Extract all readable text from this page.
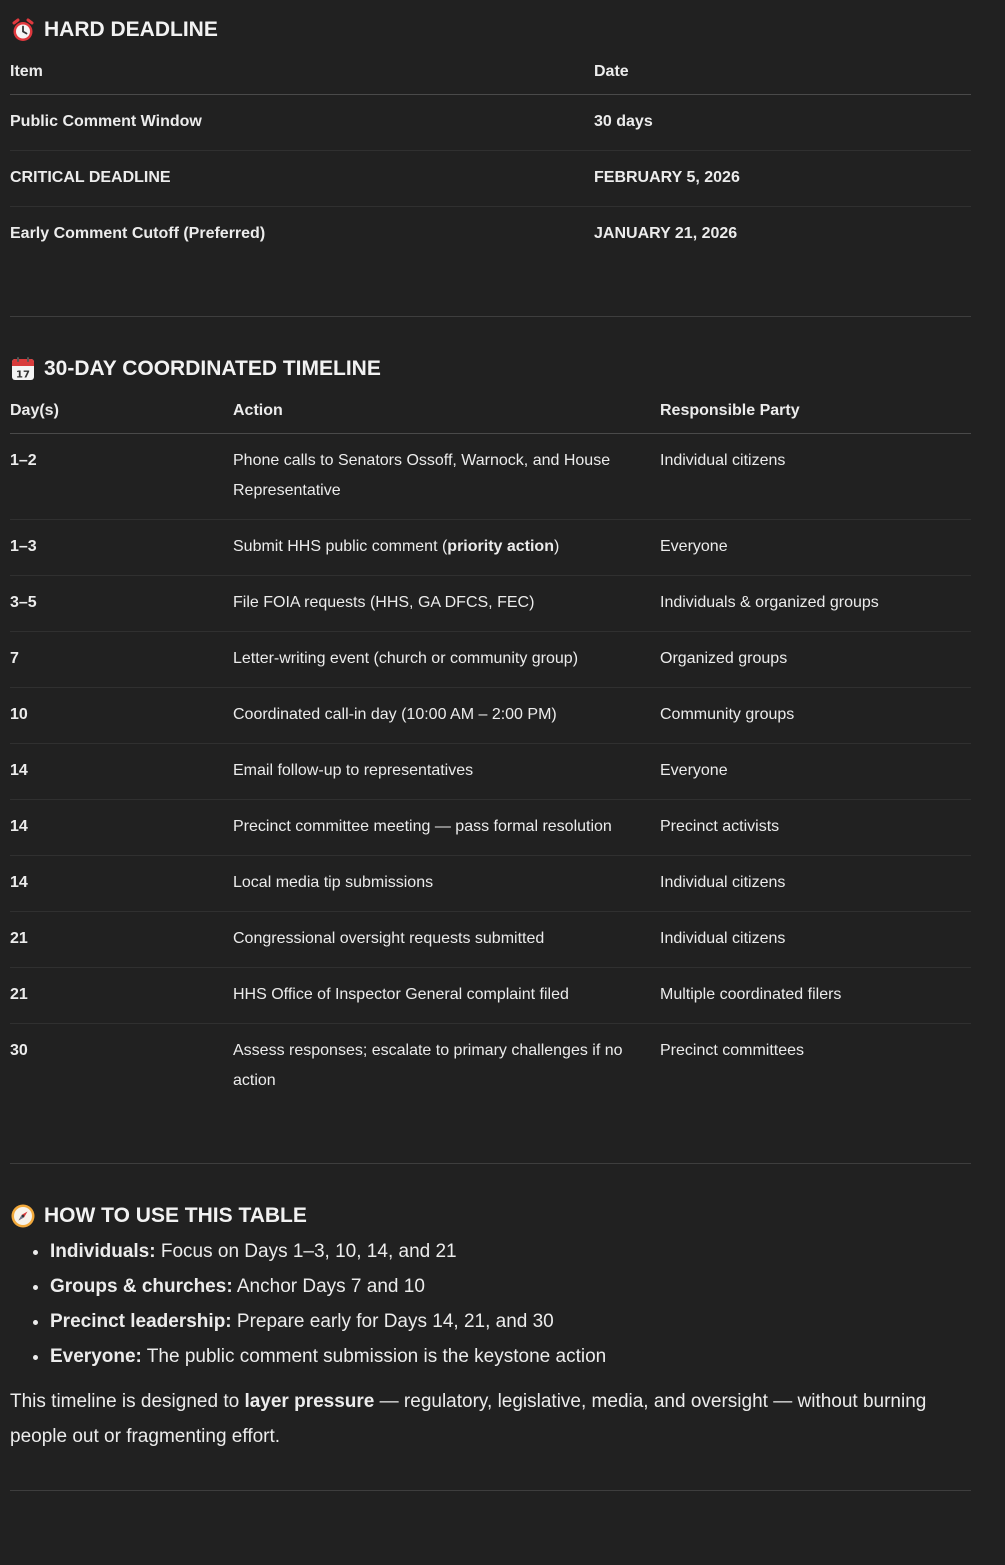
HARD DEADLINE
Item	Date
Public Comment Window	30 days
CRITICAL DEADLINE	FEBRUARY 5, 2026
Early Comment Cutoff (Preferred)	JANUARY 21, 2026
17 30-DAY COORDINATED TIMELINE
Day(s)	Action	Responsible Party
1–2	Phone calls to Senators Ossoff, Warnock, and House Representative	Individual citizens
1–3	Submit HHS public comment (priority action)	Everyone
3–5	File FOIA requests (HHS, GA DFCS, FEC)	Individuals & organized groups
7	Letter-writing event (church or community group)	Organized groups
10	Coordinated call-in day (10:00 AM – 2:00 PM)	Community groups
14	Email follow-up to representatives	Everyone
14	Precinct committee meeting — pass formal resolution	Precinct activists
14	Local media tip submissions	Individual citizens
21	Congressional oversight requests submitted	Individual citizens
21	HHS Office of Inspector General complaint filed	Multiple coordinated filers
30	Assess responses; escalate to primary challenges if no action	Precinct committees
HOW TO USE THIS TABLE
• Individuals: Focus on Days 1–3, 10, 14, and 21
• Groups & churches: Anchor Days 7 and 10
• Precinct leadership: Prepare early for Days 14, 21, and 30
• Everyone: The public comment submission is the keystone action

This timeline is designed to layer pressure — regulatory, legislative, media, and oversight — without burning people out or fragmenting effort.
